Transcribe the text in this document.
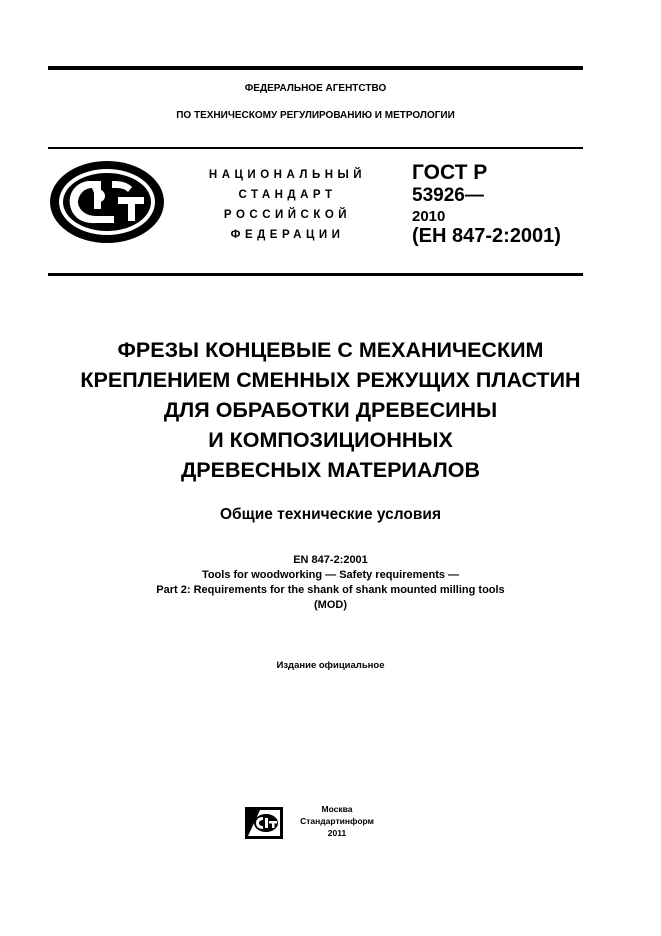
ФЕДЕРАЛЬНОЕ АГЕНТСТВО
ПО ТЕХНИЧЕСКОМУ РЕГУЛИРОВАНИЮ И МЕТРОЛОГИИ
НАЦИОНАЛЬНЫЙ
СТАНДАРТ
РОССИЙСКОЙ
ФЕДЕРАЦИИ
ГОСТ Р
53926—
2010
(ЕН 847-2:2001)
ФРЕЗЫ КОНЦЕВЫЕ С МЕХАНИЧЕСКИМ
КРЕПЛЕНИЕМ СМЕННЫХ РЕЖУЩИХ ПЛАСТИН
ДЛЯ ОБРАБОТКИ ДРЕВЕСИНЫ
И КОМПОЗИЦИОННЫХ
ДРЕВЕСНЫХ МАТЕРИАЛОВ
Общие технические условия
EN 847-2:2001
Tools for woodworking — Safety requirements —
Part 2: Requirements for the shank of shank mounted milling tools
(MOD)
Издание официальное
Москва
Стандартинформ
2011
